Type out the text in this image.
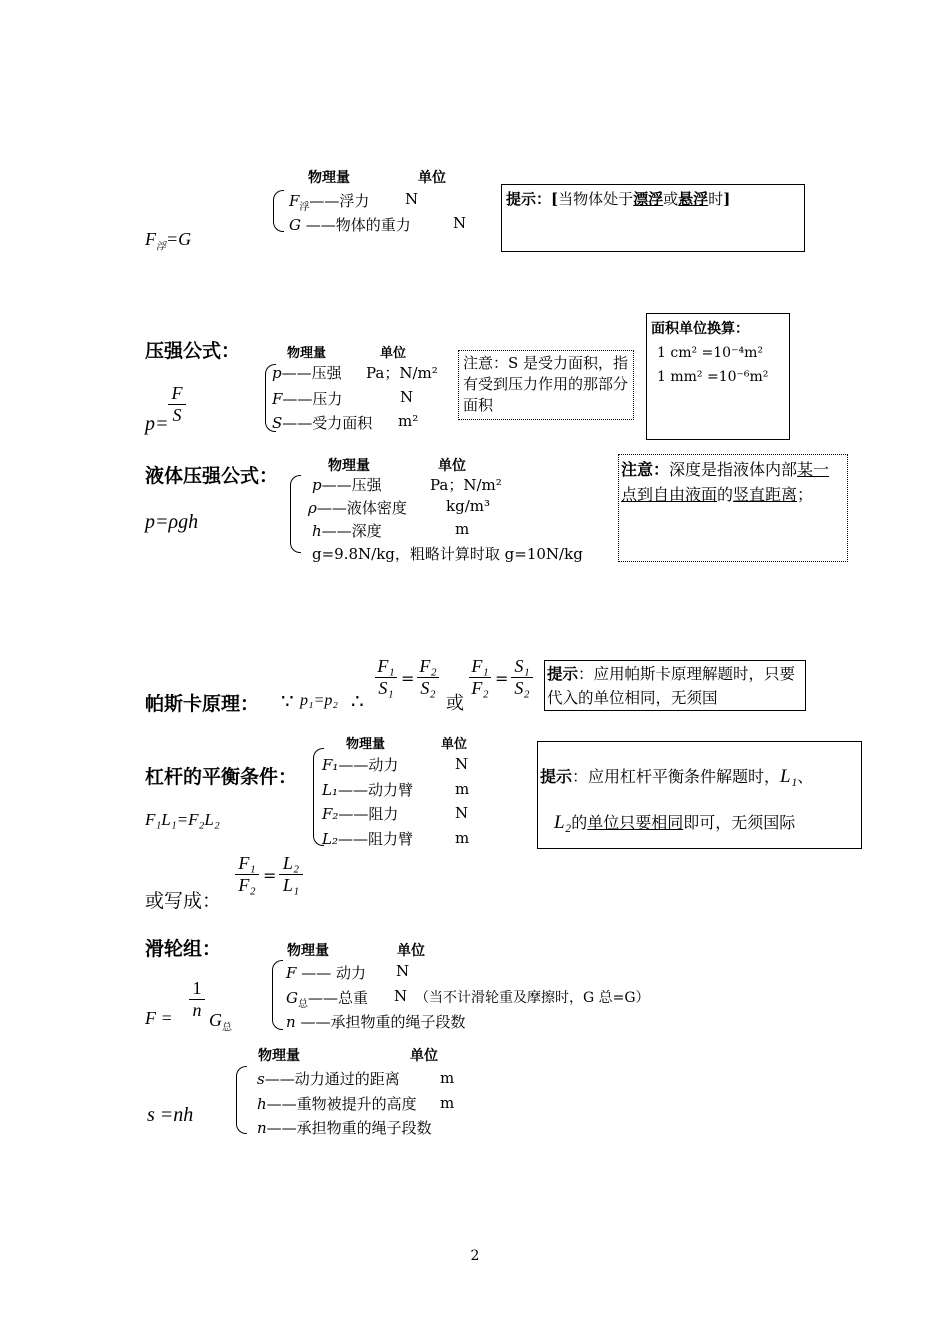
物理量	单位
$F_浮——$浮力 N
G ——物体的重力	N
$F_浮=G$
提示：[当物体处于漂浮或悬浮时]
压强公式：	物理量	单位
p——压强 Pa；N/m²
F——压力	N
S——受力面积 m²
p=
F
S
注意：S 是受力面积，指有受到压力作用的那部分面积
面积单位换算：
1 cm² =10⁻⁴m²
1 mm² =10⁻⁶m²
液体压强公式：	物理量	单位
p——压强	Pa；N/m²
ρ——液体密度	kg/m³
h——深度	m
g=9.8N/kg，粗略计算时取 g=10N/kg
p=ρgh
注意：深度是指液体内部某一点到自由液面的竖直距离；
帕斯卡原理： ∵ p₁=p₂ ∴
F₁
S₁ =
F₂
S₂
或
F₁
F₂ =
S₁
S₂
提示：应用帕斯卡原理解题时，只要代入的单位相同，无须国
杠杆的平衡条件：
物理量	单位
F₁——动力	N
L₁——动力臂	m
F₂——阻力	N
L₂——阻力臂	m
F₁L₁=F₂L₂
或写成：
F₁
F₂ =
L₂
L₁
提示：应用杠杆平衡条件解题时，L₁、
L₂的单位只要相同即可，无须国际
滑轮组：	物理量	单位
F —— 动力 N
$G_总——$总重 N （当不计滑轮重及摩擦时，G 总=G）
n ——承担物重的绳子段数
F =
1
n $G_总$
物理量	单位
s——动力通过的距离	m
h——重物被提升的高度 m
n——承担物重的绳子段数
s =nh
2
